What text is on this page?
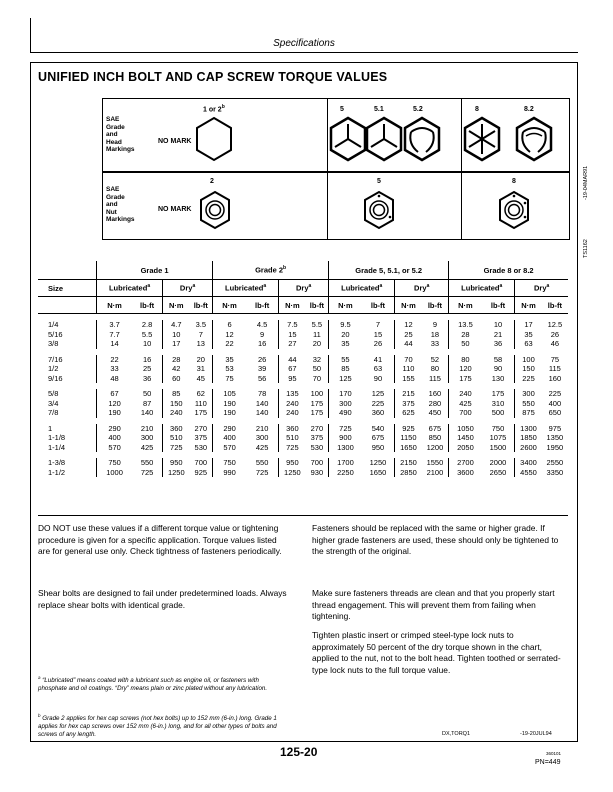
Specifications
UNIFIED INCH BOLT AND CAP SCREW TORQUE VALUES
SAE
Grade
and
Head
Markings
NO MARK
SAE
Grade
and
Nut
Markings
NO MARK
1 or 2$^b$	5	5.1	5.2	8	8.2
2	5	8	-19-04MAR91
TS1162
	Grade 1				Grade 2$^b$				Grade 5, 5.1, or 5.2				Grade 8 or 8.2			
Size	Lubricated$^a$		Dry$^a$		Lubricated$^a$		Dry$^a$		Lubricated$^a$		Dry$^a$		Lubricated$^a$		Dry$^a$
	N·m	lb-ft	N·m	lb-ft	N·m	lb-ft	N·m	lb-ft	N·m	lb-ft	N·m	lb-ft	N·m	lb-ft	N·m	lb-ft

1/4	3.7	2.8	4.7	3.5	6	4.5	7.5	5.5	9.5	7	12	9	13.5	10	17	12.5
5/16	7.7	5.5	10	7	12	9	15	11	20	15	25	18	28	21	35	26
3/8	14	10	17	13	22	16	27	20	35	26	44	33	50	36	63	46

7/16	22	16	28	20	35	26	44	32	55	41	70	52	80	58	100	75
1/2	33	25	42	31	53	39	67	50	85	63	110	80	120	90	150	115
9/16	48	36	60	45	75	56	95	70	125	90	155	115	175	130	225	160

5/8	67	50	85	62	105	78	135	100	170	125	215	160	240	175	300	225
3/4	120	87	150	110	190	140	240	175	300	225	375	280	425	310	550	400
7/8	190	140	240	175	190	140	240	175	490	360	625	450	700	500	875	650

1	290	210	360	270	290	210	360	270	725	540	925	675	1050	750	1300	975
1-1/8	400	300	510	375	400	300	510	375	900	675	1150	850	1450	1075	1850	1350
1-1/4	570	425	725	530	570	425	725	530	1300	950	1650	1200	2050	1500	2600	1950

1-3/8	750	550	950	700	750	550	950	700	1700	1250	2150	1550	2700	2000	3400	2550
1-1/2	1000	725	1250	925	990	725	1250	930	2250	1650	2850	2100	3600	2650	4550	3350
DO NOT use these values if a different torque value or tightening procedure is given for a specific application. Torque values listed are for general use only. Check tightness of fasteners periodically.
Shear bolts are designed to fail under predetermined loads. Always replace shear bolts with identical grade.
Fasteners should be replaced with the same or higher grade. If higher grade fasteners are used, these should only be tightened to the strength of the original.
Make sure fasteners threads are clean and that you properly start thread engagement. This will prevent them from failing when tightening.
Tighten plastic insert or crimped steel-type lock nuts to approximately 50 percent of the dry torque shown in the chart, applied to the nut, not to the bolt head. Tighten toothed or serrated-type lock nuts to the full torque value.
$^a$ “Lubricated” means coated with a lubricant such as engine oil, or fasteners with phosphate and oil coatings. “Dry” means plain or zinc plated without any lubrication.
$^b$ Grade 2 applies for hex cap screws (not hex bolts) up to 152 mm (6-in.) long. Grade 1 applies for hex cap screws over 152 mm (6-in.) long, and for all other types of bolts and screws of any length.
125-20
DX,TORQ1	-19-20JUL94
360101
PN=449
